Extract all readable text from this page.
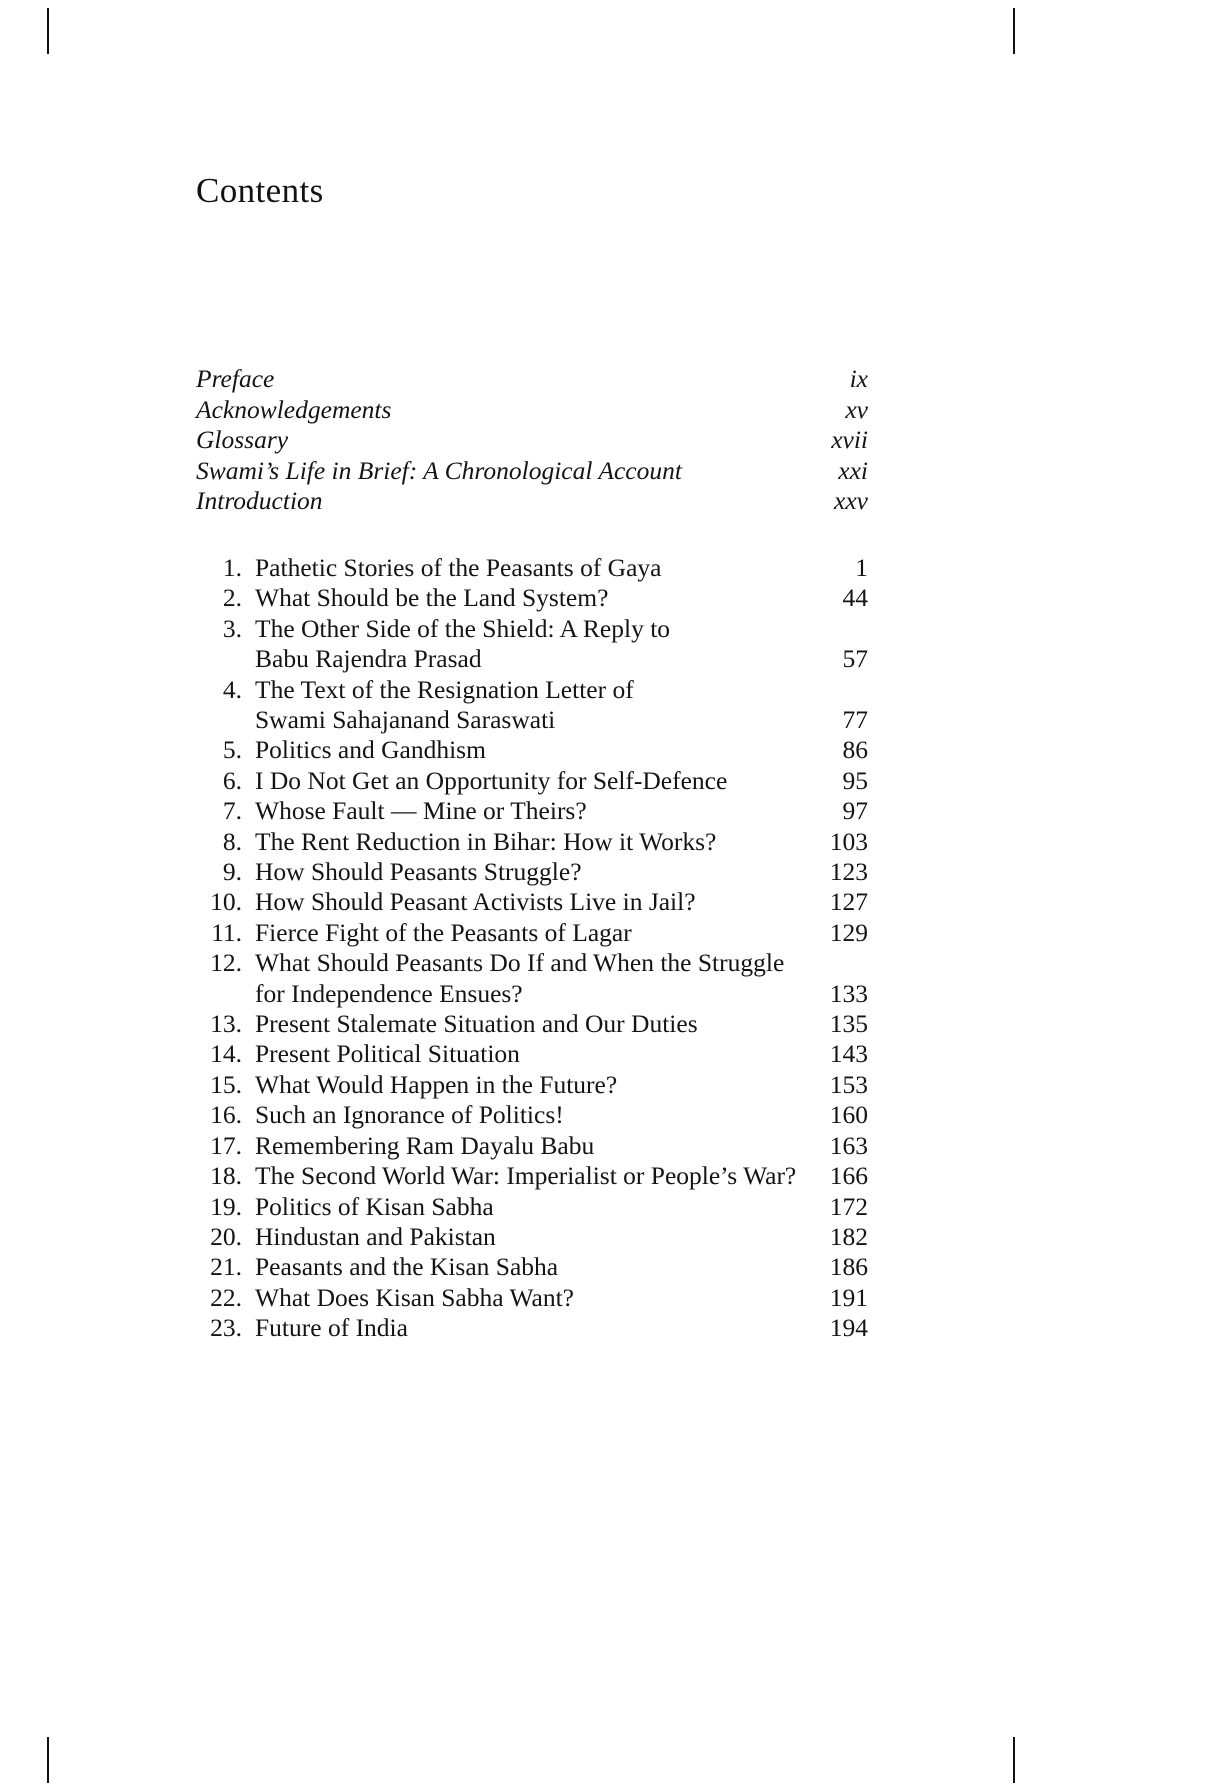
Contents
Preface	ix
Acknowledgements	xv
Glossary	xvii
Swami’s Life in Brief: A Chronological Account	xxi
Introduction	xxv
1. Pathetic Stories of the Peasants of Gaya	1
2. What Should be the Land System?	44
3. The Other Side of the Shield: A Reply to
Babu Rajendra Prasad	57
4. The Text of the Resignation Letter of
Swami Sahajanand Saraswati	77
5. Politics and Gandhism	86
6. I Do Not Get an Opportunity for Self-Defence	95
7. Whose Fault — Mine or Theirs?	97
8. The Rent Reduction in Bihar: How it Works?	103
9. How Should Peasants Struggle?	123
10. How Should Peasant Activists Live in Jail?	127
11. Fierce Fight of the Peasants of Lagar	129
12. What Should Peasants Do If and When the Struggle
for Independence Ensues?	133
13. Present Stalemate Situation and Our Duties	135
14. Present Political Situation	143
15. What Would Happen in the Future?	153
16. Such an Ignorance of Politics!	160
17. Remembering Ram Dayalu Babu	163
18. The Second World War: Imperialist or People’s War?	166
19. Politics of Kisan Sabha	172
20. Hindustan and Pakistan	182
21. Peasants and the Kisan Sabha	186
22. What Does Kisan Sabha Want?	191
23. Future of India	194
